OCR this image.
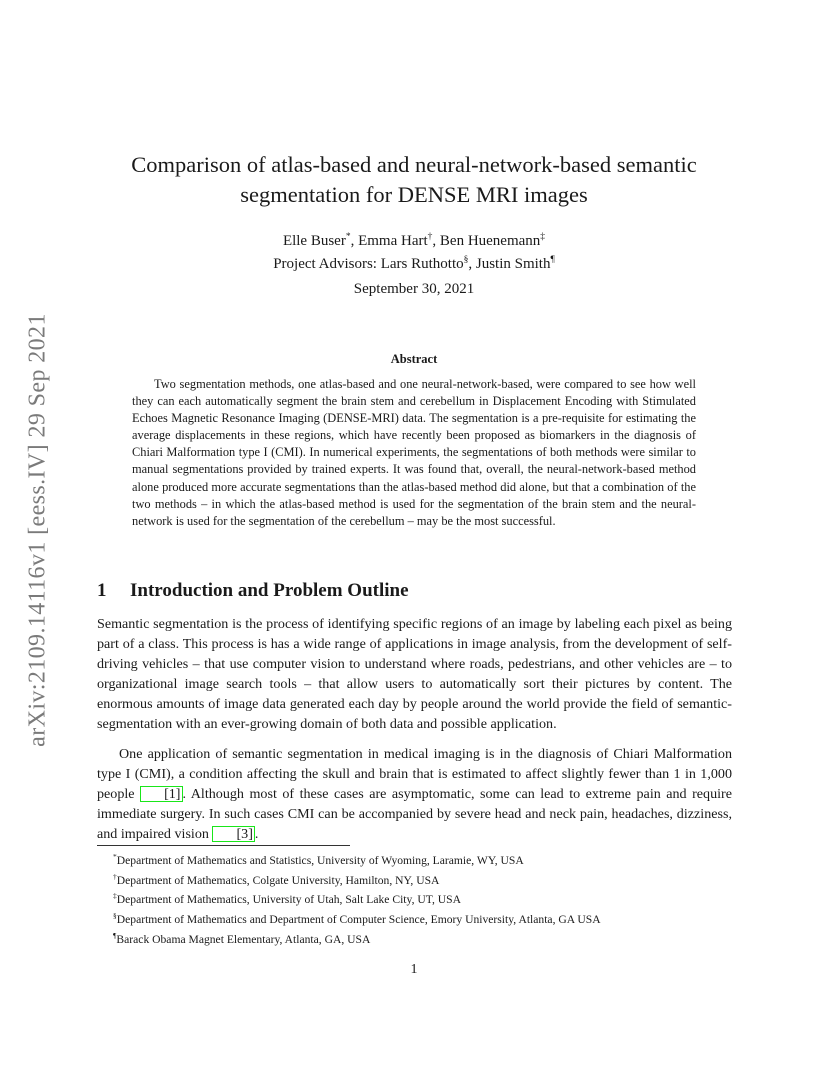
arXiv:2109.14116v1 [eess.IV] 29 Sep 2021
Comparison of atlas-based and neural-network-based semantic
segmentation for DENSE MRI images
Elle Buser*, Emma Hart†, Ben Huenemann‡
Project Advisors: Lars Ruthotto§, Justin Smith¶
September 30, 2021
Abstract

Two segmentation methods, one atlas-based and one neural-network-based, were compared to see how well they can each automatically segment the brain stem and cerebellum in Displacement Encoding with Stimulated Echoes Magnetic Resonance Imaging (DENSE-MRI) data. The segmentation is a pre-requisite for estimating the average displacements in these regions, which have recently been proposed as biomarkers in the diagnosis of Chiari Malformation type I (CMI). In numerical experiments, the segmentations of both methods were similar to manual segmentations provided by trained experts. It was found that, overall, the neural-network-based method alone produced more accurate segmentations than the atlas-based method did alone, but that a combination of the two methods – in which the atlas-based method is used for the segmentation of the brain stem and the neural-network is used for the segmentation of the cerebellum – may be the most successful.

1 Introduction and Problem Outline

Semantic segmentation is the process of identifying specific regions of an image by labeling each pixel as being part of a class. This process is has a wide range of applications in image analysis, from the development of self-driving vehicles – that use computer vision to understand where roads, pedestrians, and other vehicles are – to organizational image search tools – that allow users to automatically sort their pictures by content. The enormous amounts of image data generated each day by people around the world provide the field of semantic-segmentation with an ever-growing domain of both data and possible application.

One application of semantic segmentation in medical imaging is in the diagnosis of Chiari Malformation type I (CMI), a condition affecting the skull and brain that is estimated to affect slightly fewer than 1 in 1,000 people [1] . Although most of these cases are asymptomatic, some can lead to extreme pain and require immediate surgery. In such cases CMI can be accompanied by severe head and neck pain, headaches, dizziness, and impaired vision [3] .

*Department of Mathematics and Statistics, University of Wyoming, Laramie, WY, USA
†Department of Mathematics, Colgate University, Hamilton, NY, USA
‡Department of Mathematics, University of Utah, Salt Lake City, UT, USA
§Department of Mathematics and Department of Computer Science, Emory University, Atlanta, GA USA
¶Barack Obama Magnet Elementary, Atlanta, GA, USA
1
